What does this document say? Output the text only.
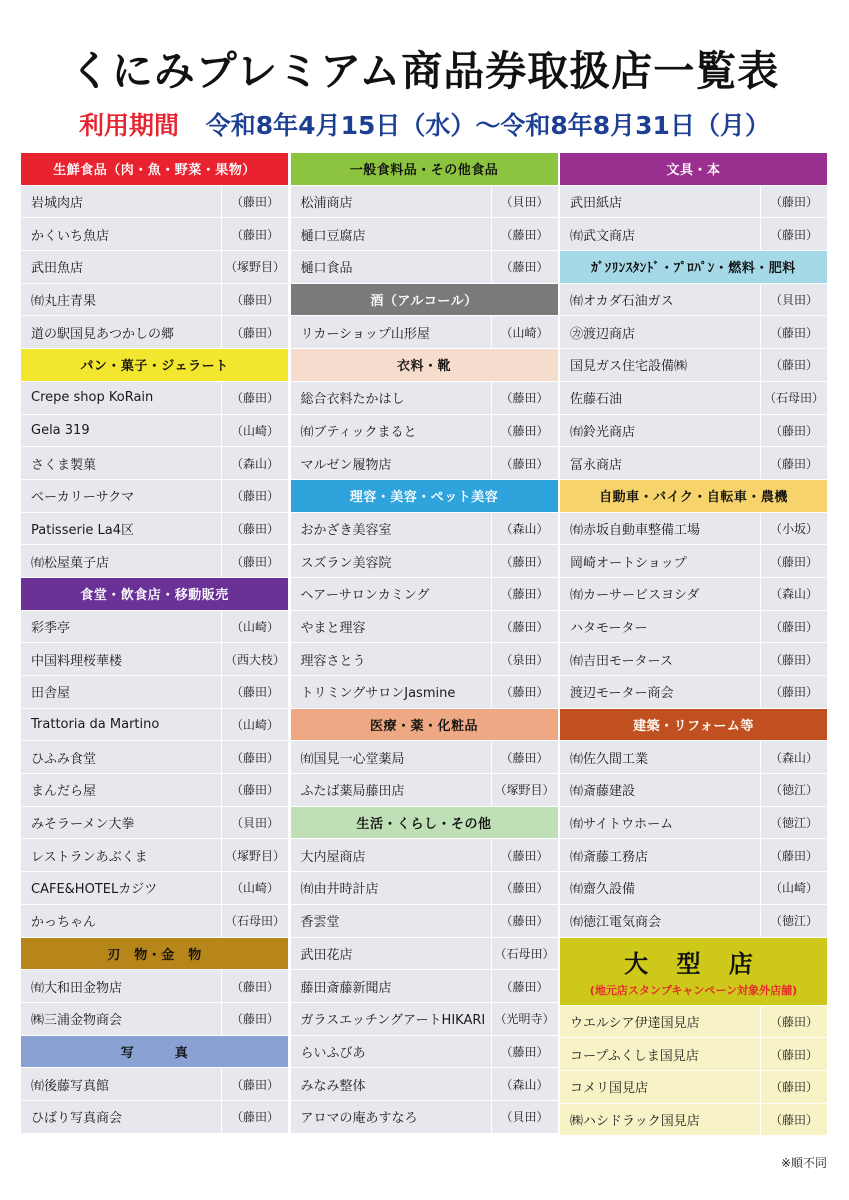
くにみプレミアム商品券取扱店一覧表
利用期間 令和8年4月15日（水）～令和8年8月31日（月）
生鮮食品（肉・魚・野菜・果物）
岩城肉店	（藤田）
かくいち魚店	（藤田）
武田魚店	（塚野目）
㈲丸庄青果	（藤田）
道の駅国見あつかしの郷	（藤田）
パン・菓子・ジェラート
Crepe shop KoRain	（藤田）
Gela 319	（山崎）
さくま製菓	（森山）
ベーカリーサクマ	（藤田）
Patisserie La4区	（藤田）
㈲松屋菓子店	（藤田）
食堂・飲食店・移動販売
彩季亭	（山崎）
中国料理桜華楼	（西大枝）
田舎屋	（藤田）
Trattoria da Martino	（山崎）
ひふみ食堂	（藤田）
まんだら屋	（藤田）
みそラーメン大拳	（貝田）
レストランあぶくま	（塚野目）
CAFE&HOTELカジツ	（山崎）
かっちゃん	（石母田）
刃　物・金　物
㈲大和田金物店	（藤田）
㈱三浦金物商会	（藤田）
写　　　真
㈲後藤写真館	（藤田）
ひばり写真商会	（藤田）
一般食料品・その他食品
松浦商店	（貝田）
樋口豆腐店	（藤田）
樋口食品	（藤田）
酒（アルコール）
リカーショップ山形屋	（山崎）
衣料・靴
総合衣料たかはし	（藤田）
㈲ブティックまると	（藤田）
マルゼン履物店	（藤田）
理容・美容・ペット美容
おかざき美容室	（森山）
スズラン美容院	（藤田）
ヘアーサロンカミング	（藤田）
やまと理容	（藤田）
理容さとう	（泉田）
トリミングサロンJasmine	（藤田）
医療・薬・化粧品
㈲国見一心堂薬局	（藤田）
ふたば薬局藤田店	（塚野目）
生活・くらし・その他
大内屋商店	（藤田）
㈲由井時計店	（藤田）
香雲堂	（藤田）
武田花店	（石母田）
藤田斎藤新聞店	（藤田）
ガラスエッチングアートHIKARI （光明寺）
らいふびあ	（藤田）
みなみ整体	（森山）
アロマの庵あすなろ	（貝田）
文具・本
武田紙店	（藤田）
㈲武文商店	（藤田）
ｶﾞｿﾘﾝｽﾀﾝﾄﾞ・ﾌﾟﾛﾊﾟﾝ・燃料・肥料
㈲オカダ石油ガス	（貝田）
㋕渡辺商店	（藤田）
国見ガス住宅設備㈱	（藤田）
佐藤石油	（石母田）
㈲鈴光商店	（藤田）
冨永商店	（藤田）
自動車・バイク・自転車・農機
㈲赤坂自動車整備工場	（小坂）
岡崎オートショップ	（藤田）
㈲カーサービスヨシダ	（森山）
ハタモーター	（藤田）
㈲吉田モータース	（藤田）
渡辺モーター商会	（藤田）
建築・リフォーム等
㈲佐久間工業	（森山）
㈲斎藤建設	（徳江）
㈲サイトウホーム	（徳江）
㈲斎藤工務店	（藤田）
㈲齋久設備	（山崎）
㈲徳江電気商会	（徳江）
大 型 店
(地元店スタンプキャンペーン対象外店舗)
ウエルシア伊達国見店	（藤田）
コープふくしま国見店	（藤田）
コメリ国見店	（藤田）
㈱ハシドラック国見店	（藤田）
※順不同
